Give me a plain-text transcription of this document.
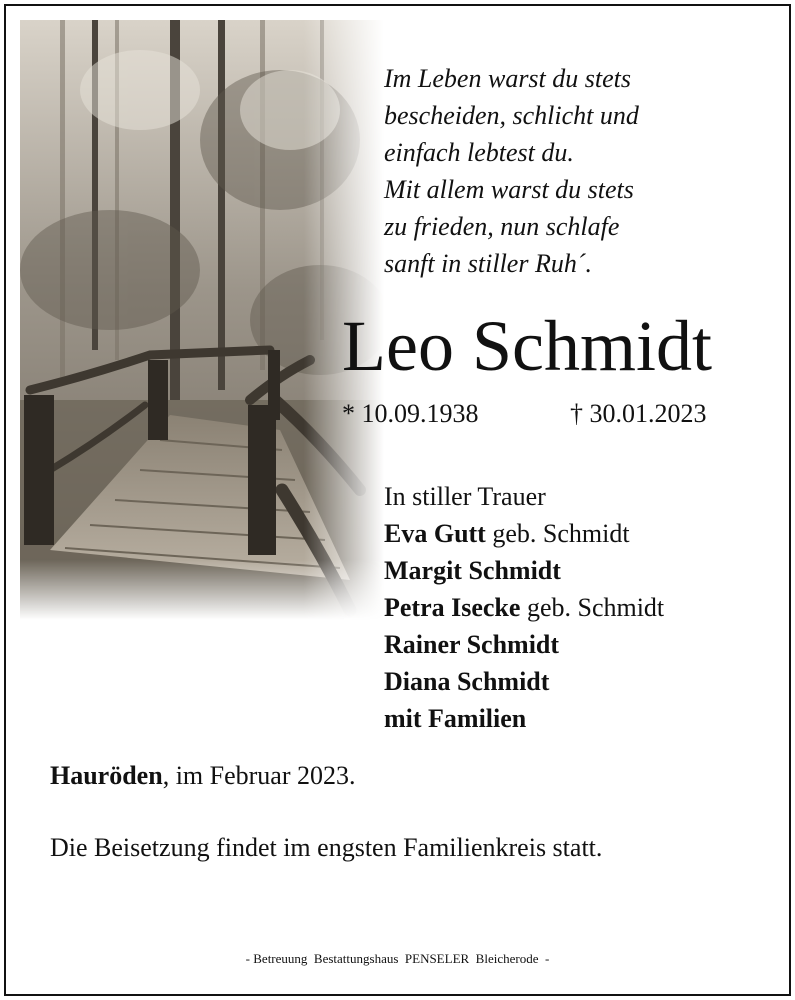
Im Leben warst du stets
bescheiden, schlicht und
einfach lebtest du.
Mit allem warst du stets
zu frieden, nun schlafe
sanft in stiller Ruh´.
Leo Schmidt
* 10.09.1938	† 30.01.2023
In stiller Trauer
Eva Gutt geb. Schmidt
Margit Schmidt
Petra Isecke geb. Schmidt
Rainer Schmidt
Diana Schmidt
mit Familien
Hauröden, im Februar 2023.
Die Beisetzung findet im engsten Familienkreis statt.
- Betreuung  Bestattungshaus  PENSELER  Bleicherode  -
